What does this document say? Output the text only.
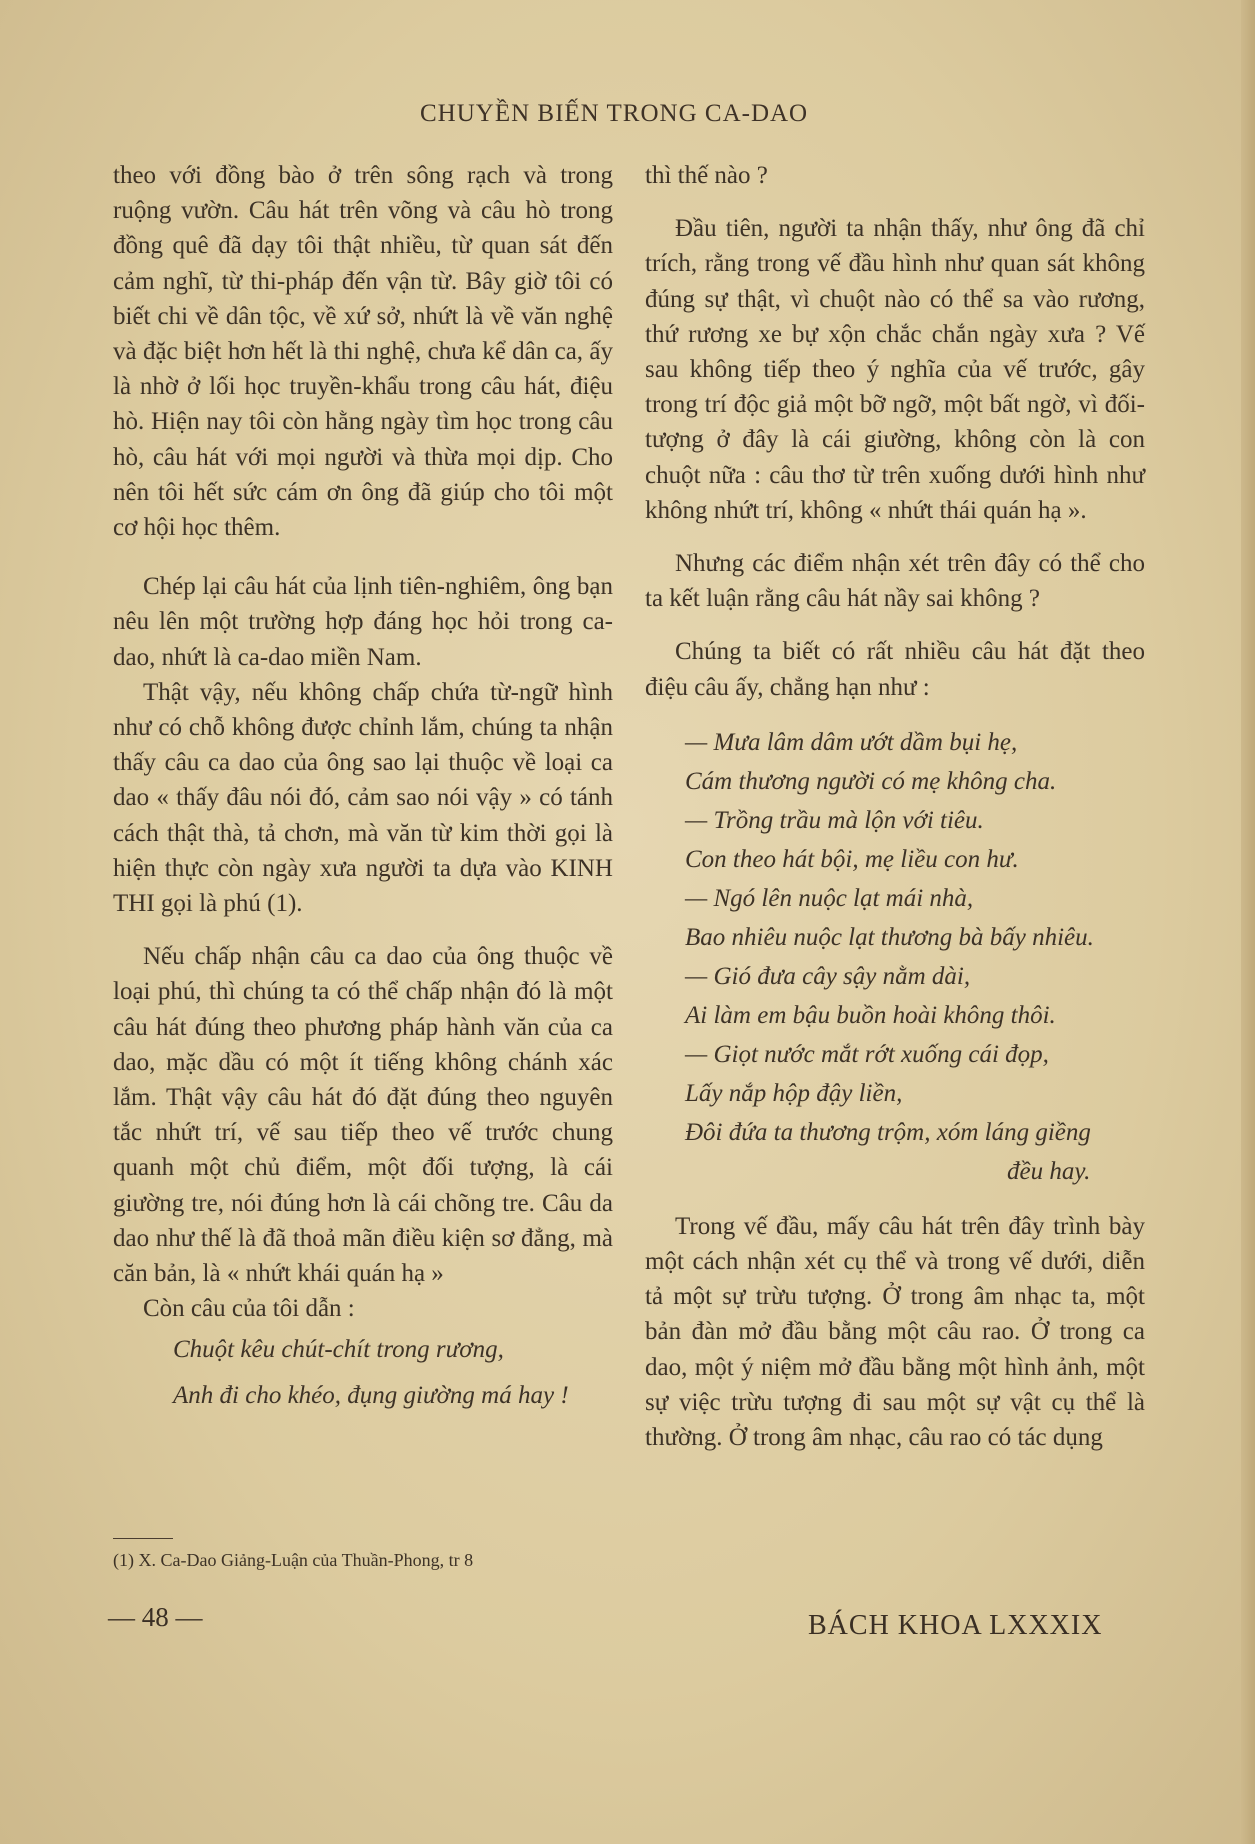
CHUYỀN BIẾN TRONG CA-DAO

theo với đồng bào ở trên sông rạch và trong ruộng vườn. Câu hát trên võng và câu hò trong đồng quê đã dạy tôi thật nhiều, từ quan sát đến cảm nghĩ, từ thi-pháp đến vận từ. Bây giờ tôi có biết chi về dân tộc, về xứ sở, nhứt là về văn nghệ và đặc biệt hơn hết là thi nghệ, chưa kể dân ca, ấy là nhờ ở lối học truyền-khẩu trong câu hát, điệu hò. Hiện nay tôi còn hằng ngày tìm học trong câu hò, câu hát với mọi người và thừa mọi dịp. Cho nên tôi hết sức cám ơn ông đã giúp cho tôi một cơ hội học thêm.

Chép lại câu hát của lịnh tiên-nghiêm, ông bạn nêu lên một trường hợp đáng học hỏi trong ca-dao, nhứt là ca-dao miền Nam.

Thật vậy, nếu không chấp chứa từ-ngữ hình như có chỗ không được chỉnh lắm, chúng ta nhận thấy câu ca dao của ông sao lại thuộc về loại ca dao « thấy đâu nói đó, cảm sao nói vậy » có tánh cách thật thà, tả chơn, mà văn từ kim thời gọi là hiện thực còn ngày xưa người ta dựa vào KINH THI gọi là phú (1).

Nếu chấp nhận câu ca dao của ông thuộc về loại phú, thì chúng ta có thể chấp nhận đó là một câu hát đúng theo phương pháp hành văn của ca dao, mặc dầu có một ít tiếng không chánh xác lắm. Thật vậy câu hát đó đặt đúng theo nguyên tắc nhứt trí, vế sau tiếp theo vế trước chung quanh một chủ điểm, một đối tượng, là cái giường tre, nói đúng hơn là cái chõng tre. Câu da dao như thế là đã thoả mãn điều kiện sơ đẳng, mà căn bản, là « nhứt khái quán hạ »

Còn câu của tôi dẫn :

Chuột kêu chút-chít trong rương,
Anh đi cho khéo, đụng giường má hay !
(1) X. Ca-Dao Giảng-Luận của Thuần-Phong, tr 8

thì thế nào ?

Đầu tiên, người ta nhận thấy, như ông đã chỉ trích, rằng trong vế đầu hình như quan sát không đúng sự thật, vì chuột nào có thể sa vào rương, thứ rương xe bự xộn chắc chắn ngày xưa ? Vế sau không tiếp theo ý nghĩa của vế trước, gây trong trí độc giả một bỡ ngỡ, một bất ngờ, vì đối-tượng ở đây là cái giường, không còn là con chuột nữa : câu thơ từ trên xuống dưới hình như không nhứt trí, không « nhứt thái quán hạ ».

Nhưng các điểm nhận xét trên đây có thể cho ta kết luận rằng câu hát nầy sai không ?

Chúng ta biết có rất nhiều câu hát đặt theo điệu câu ấy, chẳng hạn như :

— Mưa lâm dâm ướt dầm bụi hẹ,
Cám thương người có mẹ không cha.
— Trồng trầu mà lộn với tiêu.
Con theo hát bội, mẹ liều con hư.
— Ngó lên nuộc lạt mái nhà,
Bao nhiêu nuộc lạt thương bà bấy nhiêu.
— Gió đưa cây sậy nằm dài,
Ai làm em bậu buồn hoài không thôi.
— Giọt nước mắt rớt xuống cái đọp,
Lấy nắp hộp đậy liền,
Đôi đứa ta thương trộm, xóm láng giềng
đều hay.

Trong vế đầu, mấy câu hát trên đây trình bày một cách nhận xét cụ thể và trong vế dưới, diễn tả một sự trừu tượng. Ở trong âm nhạc ta, một bản đàn mở đầu bằng một câu rao. Ở trong ca dao, một ý niệm mở đầu bằng một hình ảnh, một sự việc trừu tượng đi sau một sự vật cụ thể là thường. Ở trong âm nhạc, câu rao có tác dụng

— 48 —	BÁCH KHOA LXXXIX
